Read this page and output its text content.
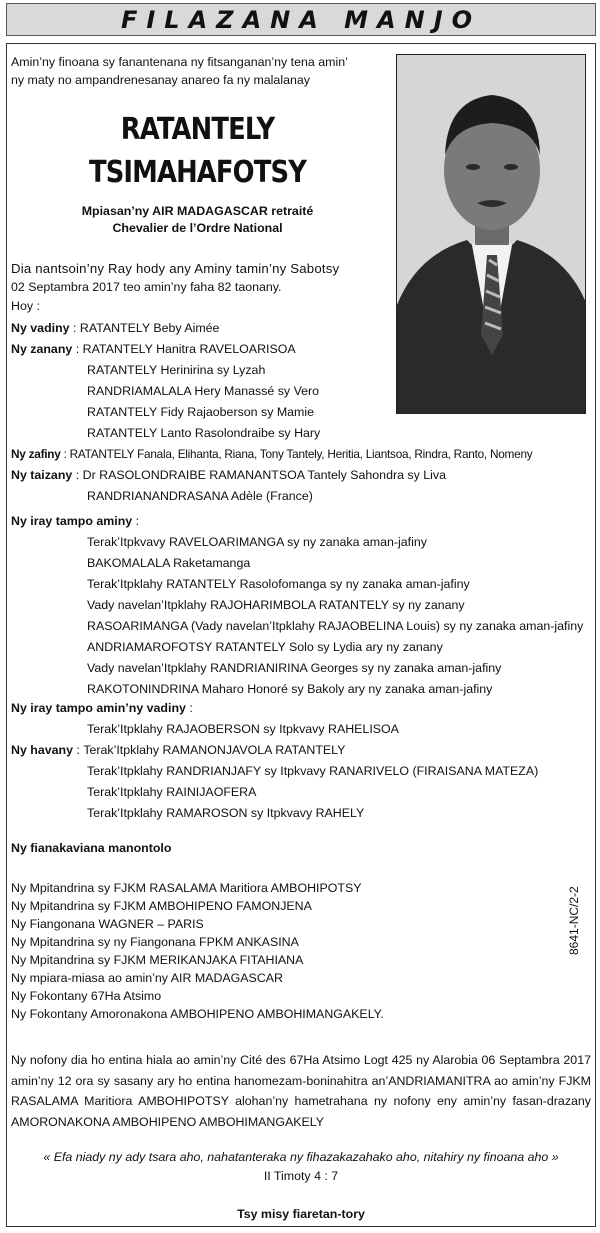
FILAZANA MANJO
Amin’ny finoana sy fanantenana ny fitsanganan’ny tena amin’
ny maty no ampandrenesanay anareo fa ny malalanay
RATANTELY
TSIMAHAFOTSY
Mpiasan’ny AIR MADAGASCAR retraité
Chevalier de l’Ordre National
Dia nantsoin’ny Ray hody any Aminy tamin’ny Sabotsy
02 Septambra 2017 teo amin’ny faha 82 taonany.
Hoy :
Ny vadiny : RATANTELY Beby Aimée
Ny zanany : RATANTELY Hanitra RAVELOARISOA
RATANTELY Herinirina sy Lyzah
RANDRIAMALALA Hery Manassé sy Vero
RATANTELY Fidy Rajaoberson sy Mamie
RATANTELY Lanto Rasolondraibe sy Hary
Ny zafiny : RATANTELY Fanala, Elihanta, Riana, Tony Tantely, Heritia, Liantsoa, Rindra, Ranto, Nomeny
Ny taizany : Dr RASOLONDRAIBE RAMANANTSOA Tantely Sahondra sy Liva
RANDRIANANDRASANA Adèle (France)
Ny iray tampo aminy :
Terak’Itpkvavy RAVELOARIMANGA sy ny zanaka aman-jafiny
BAKOMALALA Raketamanga
Terak’Itpklahy RATANTELY Rasolofomanga sy ny zanaka aman-jafiny
Vady navelan’Itpklahy RAJOHARIMBOLA RATANTELY sy ny zanany
RASOARIMANGA (Vady navelan’Itpklahy RAJAOBELINA Louis) sy ny zanaka aman-jafiny
ANDRIAMAROFOTSY RATANTELY Solo sy Lydia ary ny zanany
Vady navelan’Itpklahy RANDRIANIRINA Georges sy ny zanaka aman-jafiny
RAKOTONINDRINA Maharo Honoré sy Bakoly ary ny zanaka aman-jafiny
Ny iray tampo amin’ny vadiny :
Terak’Itpklahy RAJAOBERSON sy Itpkvavy RAHELISOA
Ny havany : Terak’Itpklahy RAMANONJAVOLA RATANTELY
Terak’Itpklahy RANDRIANJAFY sy Itpkvavy RANARIVELO (FIRAISANA MATEZA)
Terak’Itpklahy RAINIJAOFERA
Terak’Itpklahy RAMAROSON sy Itpkvavy RAHELY
Ny fianakaviana manontolo
Ny Mpitandrina sy FJKM RASALAMA Maritiora AMBOHIPOTSY
Ny Mpitandrina sy FJKM AMBOHIPENO FAMONJENA
Ny Fiangonana WAGNER – PARIS
Ny Mpitandrina sy ny Fiangonana FPKM ANKASINA
Ny Mpitandrina sy FJKM MERIKANJAKA FITAHIANA
Ny mpiara-miasa ao amin’ny AIR MADAGASCAR
Ny Fokontany 67Ha Atsimo
Ny Fokontany Amoronakona AMBOHIPENO AMBOHIMANGAKELY.
8641-NC/2-2
Ny nofony dia ho entina hiala ao amin’ny Cité des 67Ha Atsimo Logt 425 ny Alarobia 06 Septambra 2017 amin’ny 12 ora sy sasany ary ho entina hanomezam-boninahitra an’ANDRIAMANITRA ao amin’ny FJKM RASALAMA Maritiora AMBOHIPOTSY alohan’ny hametrahana ny nofony eny amin’ny fasan-drazany AMORONAKONA AMBOHIPENO AMBOHIMANGAKELY
« Efa niady ny ady tsara aho, nahatanteraka ny fihazakazahako aho, nitahiry ny finoana aho »
II Timoty 4 : 7
Tsy misy fiaretan-tory
